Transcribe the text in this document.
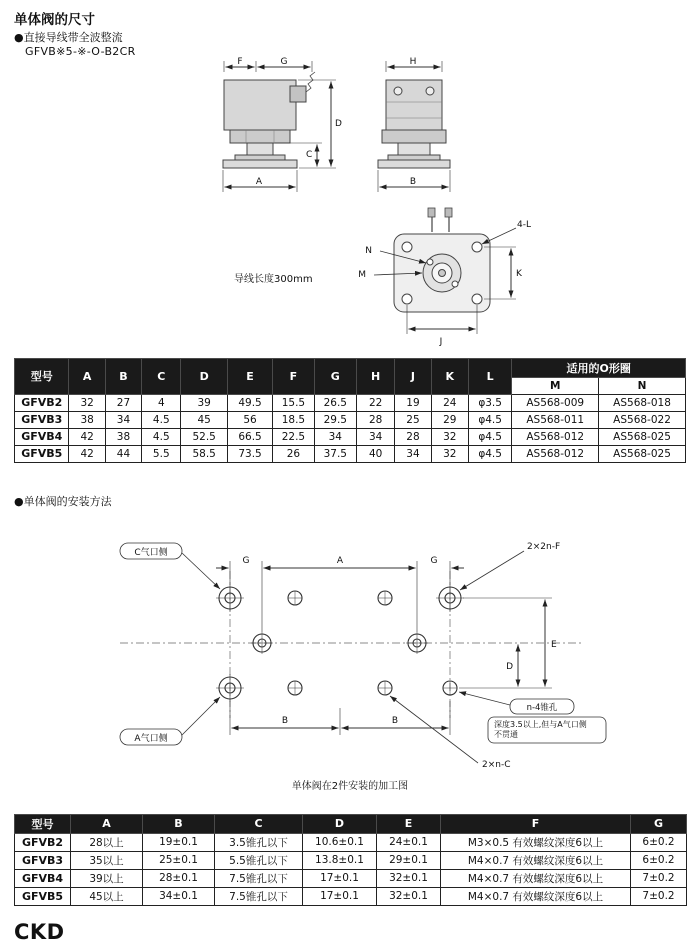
单体阀的尺寸
●直接导线带全波整流
GFVB※5-※-O-B2CR
F	G
D
C
A
H
B
导线长度300mm
4-L
N
M	K
J
型号	A	B	C	D	E	F	G	H	J	K	L	适用的O形圈	
												M	N
GFVB2	32	27	4	39	49.5	15.5	26.5	22	19	24	φ3.5	AS568-009	AS568-018
GFVB3	38	34	4.5	45	56	18.5	29.5	28	25	29	φ4.5	AS568-011	AS568-022
GFVB4	42	38	4.5	52.5	66.5	22.5	34	34	28	32	φ4.5	AS568-012	AS568-025
GFVB5	42	44	5.5	58.5	73.5	26	37.5	40	34	32	φ4.5	AS568-012	AS568-025
●单体阀的安装方法
G	A	G
E
D
B	B
C气口侧
A气口侧
2×2n-F
n-4锥孔
深度3.5以上,但与A气口侧
不贯通
2×n-C
单体阀在2件安装的加工图
型号	A	B	C	D	E	F	G
GFVB2	28以上	19±0.1	3.5锥孔以下	10.6±0.1	24±0.1	M3×0.5 有效螺纹深度6以上	6±0.2
GFVB3	35以上	25±0.1	5.5锥孔以下	13.8±0.1	29±0.1	M4×0.7 有效螺纹深度6以上	6±0.2
GFVB4	39以上	28±0.1	7.5锥孔以下	17±0.1	32±0.1	M4×0.7 有效螺纹深度6以上	7±0.2
GFVB5	45以上	34±0.1	7.5锥孔以下	17±0.1	32±0.1	M4×0.7 有效螺纹深度6以上	7±0.2
CKD
